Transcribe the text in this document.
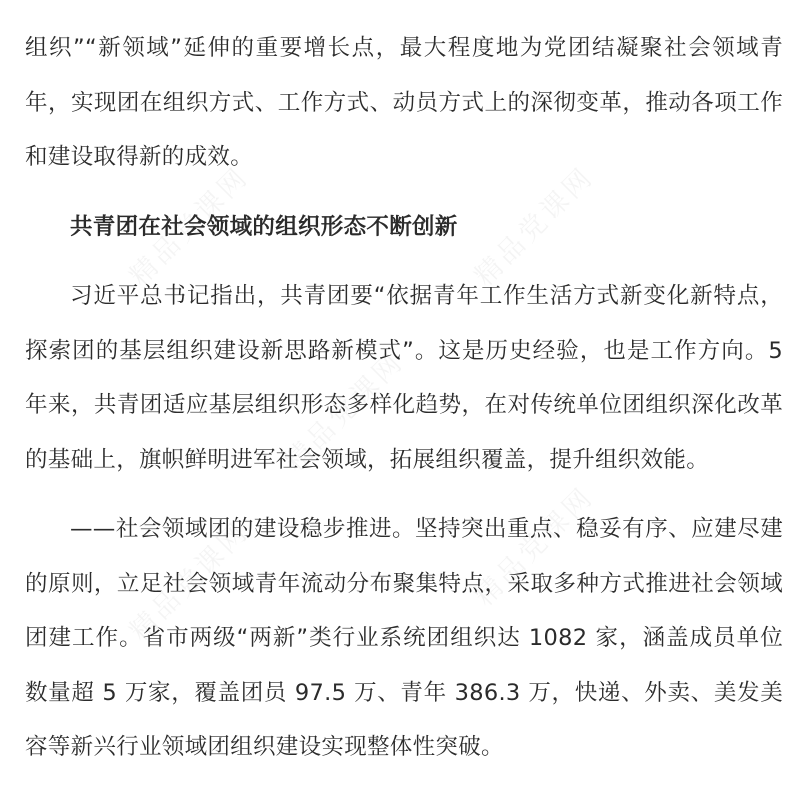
组织”“新领域”延伸的重要增长点，最大程度地为党团结凝聚社会领域青年，实现团在组织方式、工作方式、动员方式上的深彻变革，推动各项工作和建设取得新的成效。

共青团在社会领域的组织形态不断创新

习近平总书记指出，共青团要“依据青年工作生活方式新变化新特点，探索团的基层组织建设新思路新模式”。这是历史经验，也是工作方向。5 年来，共青团适应基层组织形态多样化趋势，在对传统单位团组织深化改革的基础上，旗帜鲜明进军社会领域，拓展组织覆盖，提升组织效能。

——社会领域团的建设稳步推进。坚持突出重点、稳妥有序、应建尽建的原则，立足社会领域青年流动分布聚集特点，采取多种方式推进社会领域团建工作。省市两级“两新”类行业系统团组织达 1082 家，涵盖成员单位数量超 5 万家，覆盖团员 97.5 万、青年 386.3 万，快递、外卖、美发美容等新兴行业领域团组织建设实现整体性突破。
